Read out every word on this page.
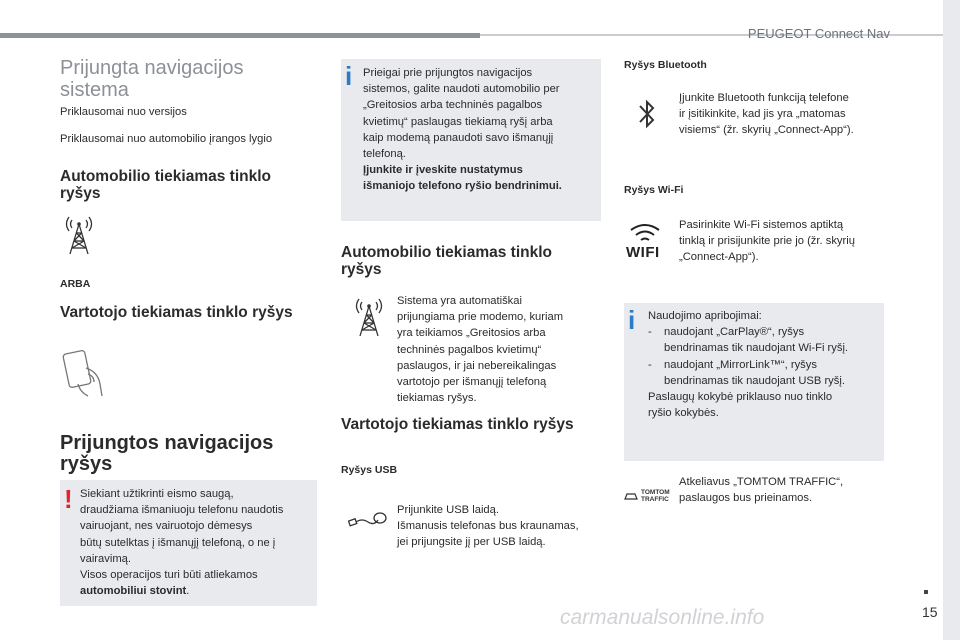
PEUGEOT Connect Nav
Prijungta navigacijos
sistema
Priklausomai nuo versijos
Priklausomai nuo automobilio įrangos lygio
Automobilio tiekiamas tinklo
ryšys
ARBA
Vartotojo tiekiamas tinklo ryšys
Prijungtos navigacijos
ryšys
! Siekiant užtikrinti eismo saugą,
draudžiama išmaniuoju telefonu naudotis
vairuojant, nes vairuotojo dėmesys
būtų sutelktas į išmanųjį telefoną, o ne į
vairavimą.
Visos operacijos turi būti atliekamos
automobiliui stovint.
i Prieigai prie prijungtos navigacijos
sistemos, galite naudoti automobilio per
„Greitosios arba techninės pagalbos
kvietimų“ paslaugas tiekiamą ryšį arba
kaip modemą panaudoti savo išmanųjį
telefoną.
Įjunkite ir įveskite nustatymus
išmaniojo telefono ryšio bendrinimui.
Automobilio tiekiamas tinklo
ryšys
Sistema yra automatiškai
prijungiama prie modemo, kuriam
yra teikiamos „Greitosios arba
techninės pagalbos kvietimų“
paslaugos, ir jai nebereikalingas
vartotojo per išmanųjį telefoną
tiekiamas ryšys.
Vartotojo tiekiamas tinklo ryšys
Ryšys USB
Prijunkite USB laidą.
Išmanusis telefonas bus kraunamas,
jei prijungsite jį per USB laidą.
Ryšys Bluetooth
Įjunkite Bluetooth funkciją telefone
ir įsitikinkite, kad jis yra „matomas
visiems“ (žr. skyrių „Connect-App“).
Ryšys Wi-Fi
WIFI
Pasirinkite Wi-Fi sistemos aptiktą
tinklą ir prisijunkite prie jo (žr. skyrių
„Connect-App“).
i Naudojimo apribojimai:
-	naudojant „CarPlay®“, ryšys
bendrinamas tik naudojant Wi-Fi ryšį.
-	naudojant „MirrorLink™“, ryšys
bendrinamas tik naudojant USB ryšį.
Paslaugų kokybė priklauso nuo tinklo
ryšio kokybės.
TOMTOM
TRAFFIC
Atkeliavus „TOMTOM TRAFFIC“,
paslaugos bus prieinamos.
carmanualsonline.info	15
